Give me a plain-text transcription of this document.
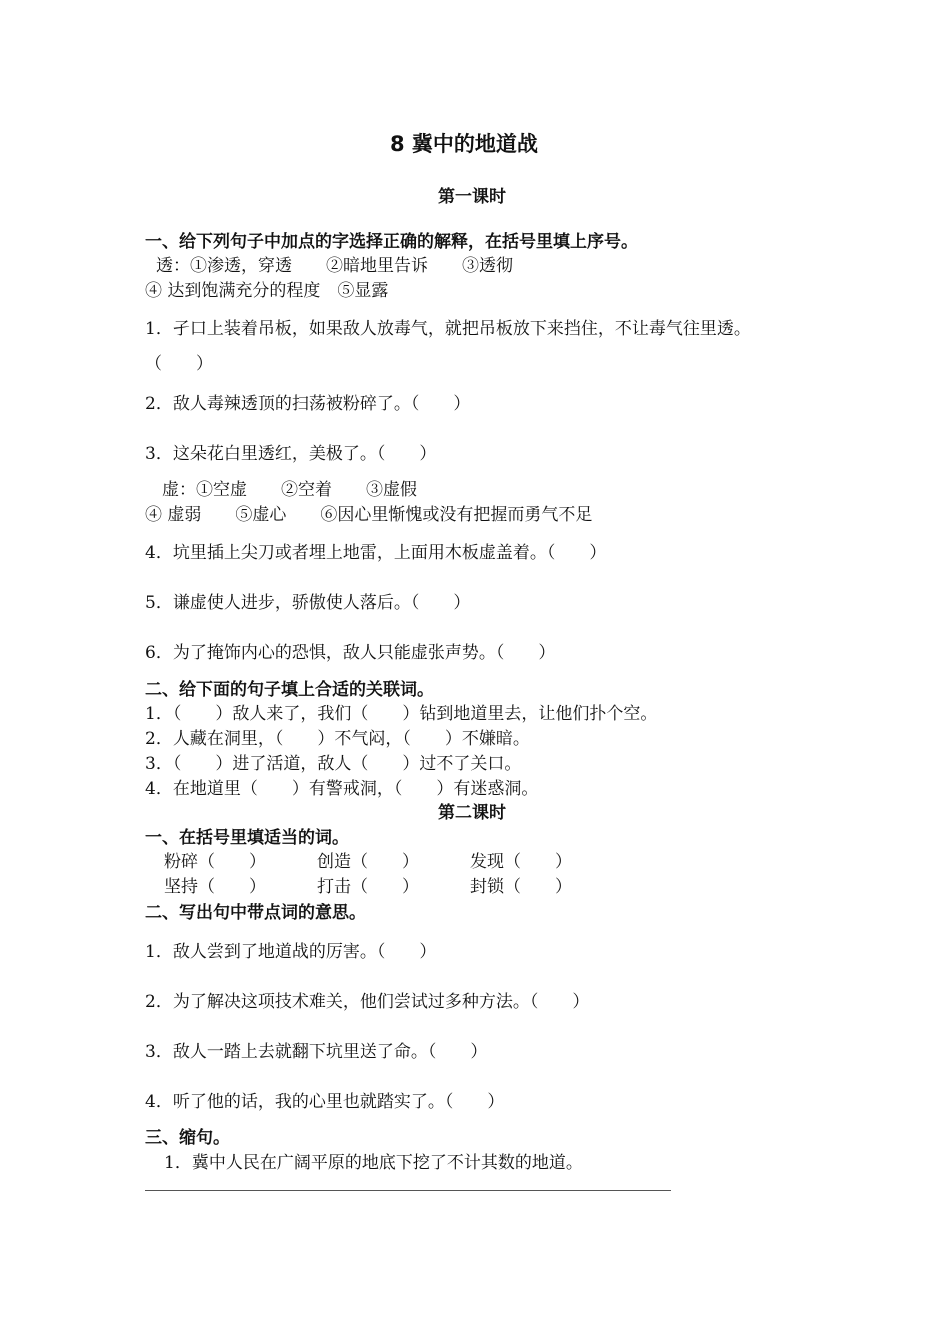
8 冀中的地道战
第一课时
一、给下列句子中加点的字选择正确的解释，在括号里填上序号。
透：①渗透，穿透　　②暗地里告诉　　③透彻
④ 达到饱满充分的程度　⑤显露
1．孑口上装着吊板，如果敌人放毒气，就把吊板放下来挡住，不让毒气往里透。
（　　）
2．敌人毒辣透顶的扫荡被粉碎了。（　　）
3．这朵花白里透红，美极了。（　　）
虚：①空虚　　②空着　　③虚假
④ 虚弱　　⑤虚心　　⑥因心里惭愧或没有把握而勇气不足
4．坑里插上尖刀或者埋上地雷，上面用木板虚盖着。（　　）
5．谦虚使人进步，骄傲使人落后。（　　）
6．为了掩饰内心的恐惧，敌人只能虚张声势。（　　）
二、给下面的句子填上合适的关联词。
1．（　　）敌人来了，我们（　　）钻到地道里去，让他们扑个空。
2．人藏在洞里，（　　）不气闷，（　　）不嫌暗。
3．（　　）进了活道，敌人（　　）过不了关口。
4．在地道里（　　）有警戒洞，（　　）有迷惑洞。
第二课时
一、在括号里填适当的词。
粉碎（　　）	创造（　　）	发现（　　）
坚持（　　）	打击（　　）	封锁（　　）
二、写出句中带点词的意思。
1．敌人尝到了地道战的厉害。（　　）
2．为了解决这项技术难关，他们尝试过多种方法。（　　）
3．敌人一踏上去就翻下坑里送了命。（　　）
4．听了他的话，我的心里也就踏实了。（　　）
三、缩句。
1．冀中人民在广阔平原的地底下挖了不计其数的地道。
